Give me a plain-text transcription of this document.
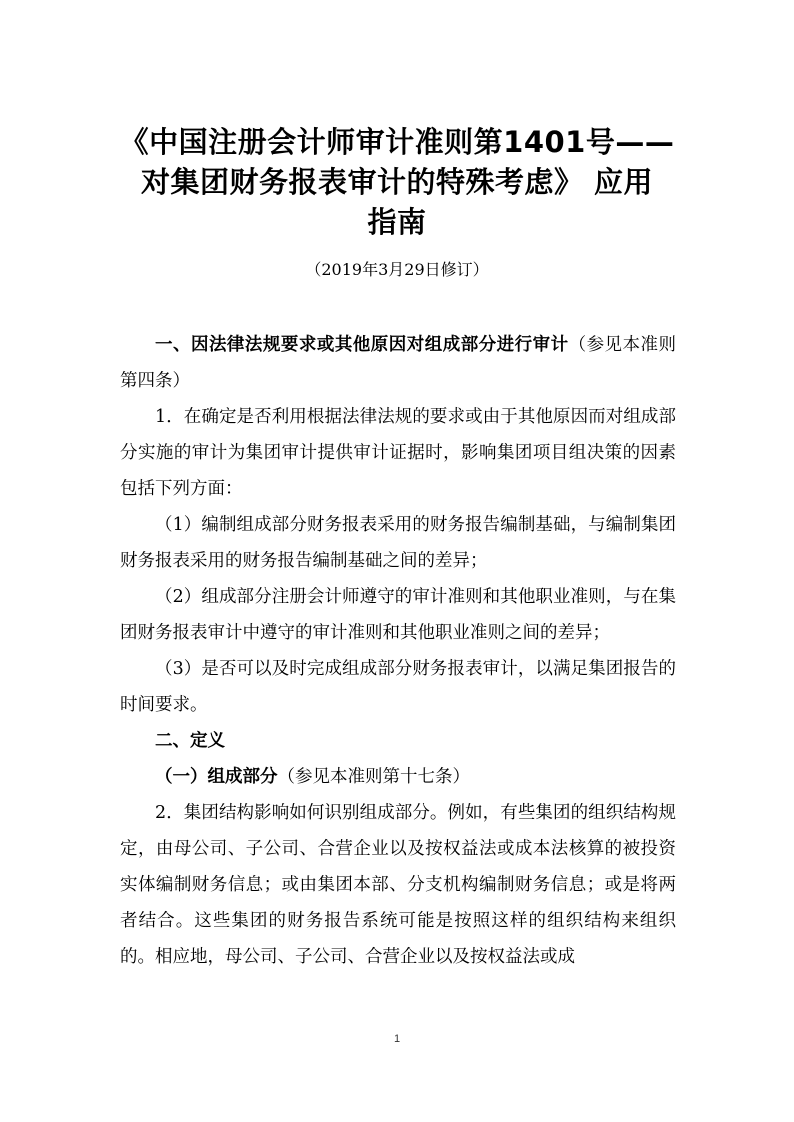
《中国注册会计师审计准则第1401号——
对集团财务报表审计的特殊考虑》 应用
指南
（2019年3月29日修订）

一、因法律法规要求或其他原因对组成部分进行审计（参见本准则第四条）

1．在确定是否利用根据法律法规的要求或由于其他原因而对组成部分实施的审计为集团审计提供审计证据时，影响集团项目组决策的因素包括下列方面：

（1）编制组成部分财务报表采用的财务报告编制基础，与编制集团财务报表采用的财务报告编制基础之间的差异；

（2）组成部分注册会计师遵守的审计准则和其他职业准则，与在集团财务报表审计中遵守的审计准则和其他职业准则之间的差异；

（3）是否可以及时完成组成部分财务报表审计，以满足集团报告的时间要求。

二、定义

（一）组成部分（参见本准则第十七条）

2．集团结构影响如何识别组成部分。例如，有些集团的组织结构规定，由母公司、子公司、合营企业以及按权益法或成本法核算的被投资实体编制财务信息；或由集团本部、分支机构编制财务信息；或是将两者结合。这些集团的财务报告系统可能是按照这样的组织结构来组织的。相应地，母公司、子公司、合营企业以及按权益法或成

1
